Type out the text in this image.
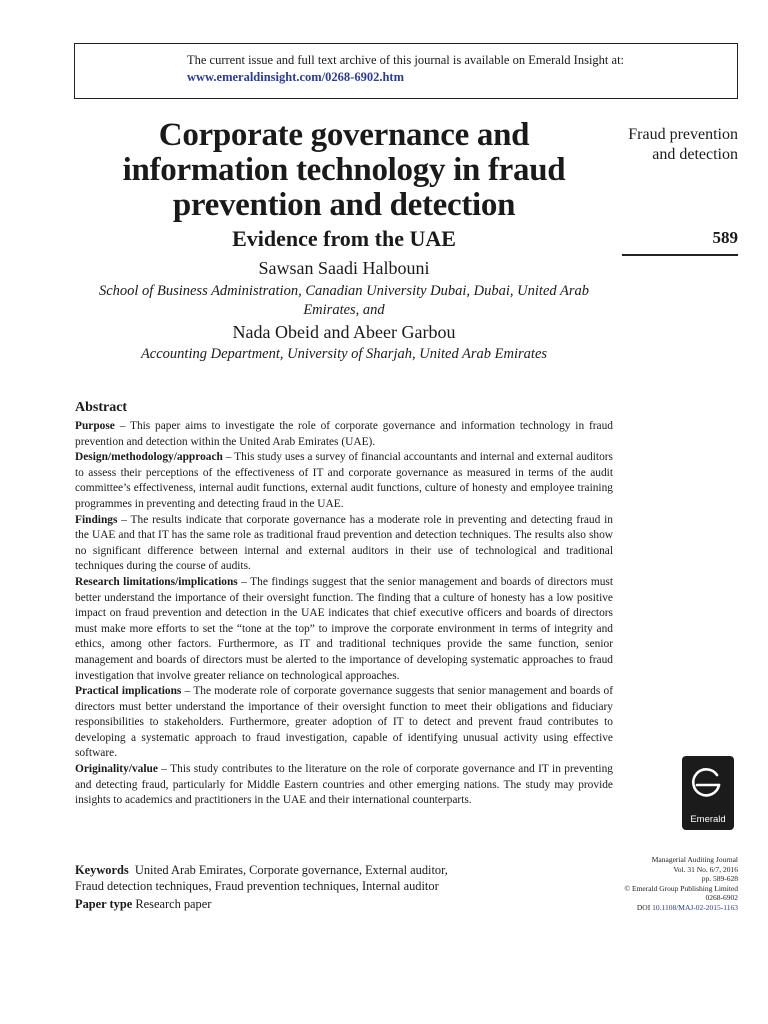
The current issue and full text archive of this journal is available on Emerald Insight at:
www.emeraldinsight.com/0268-6902.htm
Corporate governance and information technology in fraud prevention and detection
Evidence from the UAE
Sawsan Saadi Halbouni
School of Business Administration, Canadian University Dubai, Dubai, United Arab Emirates, and
Nada Obeid and Abeer Garbou
Accounting Department, University of Sharjah, United Arab Emirates
Fraud prevention and detection
589
Abstract

Purpose – This paper aims to investigate the role of corporate governance and information technology in fraud prevention and detection within the United Arab Emirates (UAE).

Design/methodology/approach – This study uses a survey of financial accountants and internal and external auditors to assess their perceptions of the effectiveness of IT and corporate governance as measured in terms of the audit committee’s effectiveness, internal audit functions, external audit functions, culture of honesty and employee training programmes in preventing and detecting fraud in the UAE.

Findings – The results indicate that corporate governance has a moderate role in preventing and detecting fraud in the UAE and that IT has the same role as traditional fraud prevention and detection techniques. The results also show no significant difference between internal and external auditors in their use of technological and traditional techniques during the course of audits.

Research limitations/implications – The findings suggest that the senior management and boards of directors must better understand the importance of their oversight function. The finding that a culture of honesty has a low positive impact on fraud prevention and detection in the UAE indicates that chief executive officers and boards of directors must make more efforts to set the “tone at the top” to improve the corporate environment in terms of integrity and ethics, among other factors. Furthermore, as IT and traditional techniques provide the same function, senior management and boards of directors must be alerted to the importance of developing systematic approaches to fraud investigation that involve greater reliance on technological approaches.

Practical implications – The moderate role of corporate governance suggests that senior management and boards of directors must better understand the importance of their oversight function to meet their obligations and fiduciary responsibilities to stakeholders. Furthermore, greater adoption of IT to detect and prevent fraud contributes to developing a systematic approach to fraud investigation, capable of identifying unusual activity using effective software.

Originality/value – This study contributes to the literature on the role of corporate governance and IT in preventing and detecting fraud, particularly for Middle Eastern countries and other emerging nations. The study may provide insights to academics and practitioners in the UAE and their international counterparts.

Keywords United Arab Emirates, Corporate governance, External auditor,
Fraud detection techniques, Fraud prevention techniques, Internal auditor
Paper type Research paper
Emerald
Managerial Auditing Journal
Vol. 31 No. 6/7, 2016
pp. 589-628
© Emerald Group Publishing Limited
0268-6902
DOI 10.1108/MAJ-02-2015-1163
